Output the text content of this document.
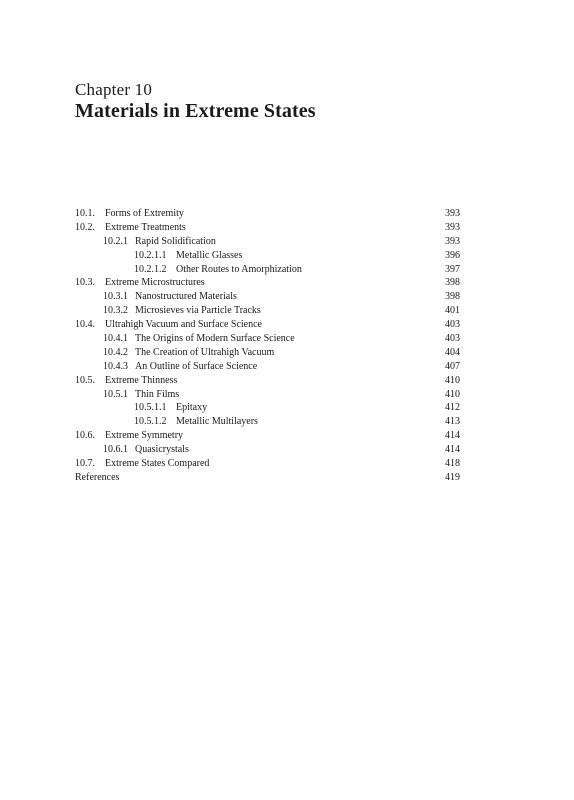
Chapter 10
Materials in Extreme States
10.1. Forms of Extremity	393
10.2. Extreme Treatments	393
10.2.1 Rapid Solidification	393
10.2.1.1 Metallic Glasses	396
10.2.1.2 Other Routes to Amorphization	397
10.3. Extreme Microstructures	398
10.3.1 Nanostructured Materials	398
10.3.2 Microsieves via Particle Tracks	401
10.4. Ultrahigh Vacuum and Surface Science	403
10.4.1 The Origins of Modern Surface Science	403
10.4.2 The Creation of Ultrahigh Vacuum	404
10.4.3 An Outline of Surface Science	407
10.5. Extreme Thinness	410
10.5.1 Thin Films	410
10.5.1.1 Epitaxy	412
10.5.1.2 Metallic Multilayers	413
10.6. Extreme Symmetry	414
10.6.1 Quasicrystals	414
10.7. Extreme States Compared	418
References	419
